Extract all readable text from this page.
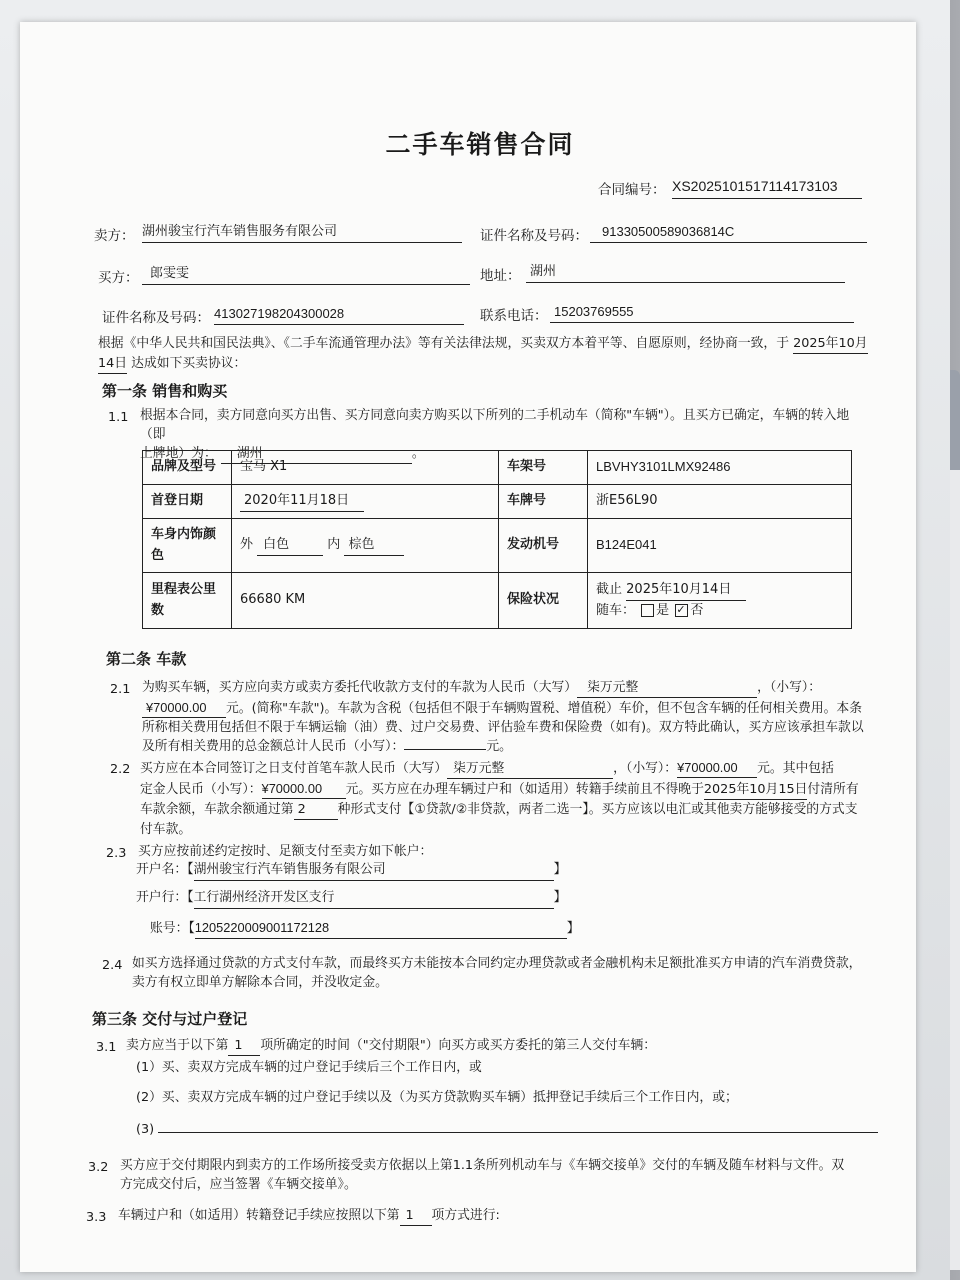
二手车销售合同
合同编号： XS2025101517114173103
卖方： 湖州骏宝行汽车销售服务有限公司	证件名称及号码：	91330500589036814C
买方： 郎雯雯	地址： 湖州
证件名称及号码： 413027198204300028	联系电话： 15203769555
根据《中华人民共和国民法典》、《二手车流通管理办法》等有关法律法规，买卖双方本着平等、自愿原则，经协商一致，于 2025年10月
14日 达成如下买卖协议：
第一条 销售和购买
1.1 根据本合同，卖方同意向买方出售、买方同意向卖方购买以下所列的二手机动车（简称"车辆"）。且买方已确定，车辆的转入地（即
上牌地）为： 湖州	。
品牌及型号	宝马 X1	车架号	LBVHY3101LMX92486
首登日期	2020年11月18日	车牌号	浙E56L90
车身内饰颜色	外 白色 内 棕色	发动机号	B124E041
里程表公里数	66680 KM	保险状况	截止 2025年10月14日
随车： 是 ✓ 否
第二条 车款
2.1 为购买车辆，买方应向卖方或卖方委托代收款方支付的车款为人民币（大写） 柒万元整	，（小写）：
¥70000.00 元。(简称"车款")。车款为含税（包括但不限于车辆购置税、增值税）车价，但不包含车辆的任何相关费用。本条
所称相关费用包括但不限于车辆运输（油）费、过户交易费、评估验车费和保险费（如有)。双方特此确认，买方应该承担车款以
及所有相关费用的总金额总计人民币（小写）：	元。
2.2 买方应在本合同签订之日支付首笔车款人民币（大写） 柒万元整	，（小写）：¥70000.00 元。其中包括
定金人民币（小写）：¥70000.00 元。买方应在办理车辆过户和（如适用）转籍手续前且不得晚于2025年10月15日付清所有
车款余额，车款余额通过第 2 种形式支付【①贷款/②非贷款，两者二选一】。买方应该以电汇或其他卖方能够接受的方式支
付车款。
2.3 买方应按前述约定按时、足额支付至卖方如下帐户：
开户名：【湖州骏宝行汽车销售服务有限公司	】
开户行：【工行湖州经济开发区支行	】
账号：【1205220009001172128	】
2.4 如买方选择通过贷款的方式支付车款，而最终买方未能按本合同约定办理贷款或者金融机构未足额批准买方申请的汽车消费贷款，
卖方有权立即单方解除本合同，并没收定金。
第三条 交付与过户登记
3.1 卖方应当于以下第 1 项所确定的时间（"交付期限"）向买方或买方委托的第三人交付车辆：
(1）买、卖双方完成车辆的过户登记手续后三个工作日内，或
(2）买、卖双方完成车辆的过户登记手续以及（为买方贷款购买车辆）抵押登记手续后三个工作日内，或；
(3)
3.2 买方应于交付期限内到卖方的工作场所接受卖方依据以上第1.1条所列机动车与《车辆交接单》交付的车辆及随车材料与文件。双
方完成交付后，应当签署《车辆交接单》。
3.3 车辆过户和（如适用）转籍登记手续应按照以下第 1 项方式进行:
